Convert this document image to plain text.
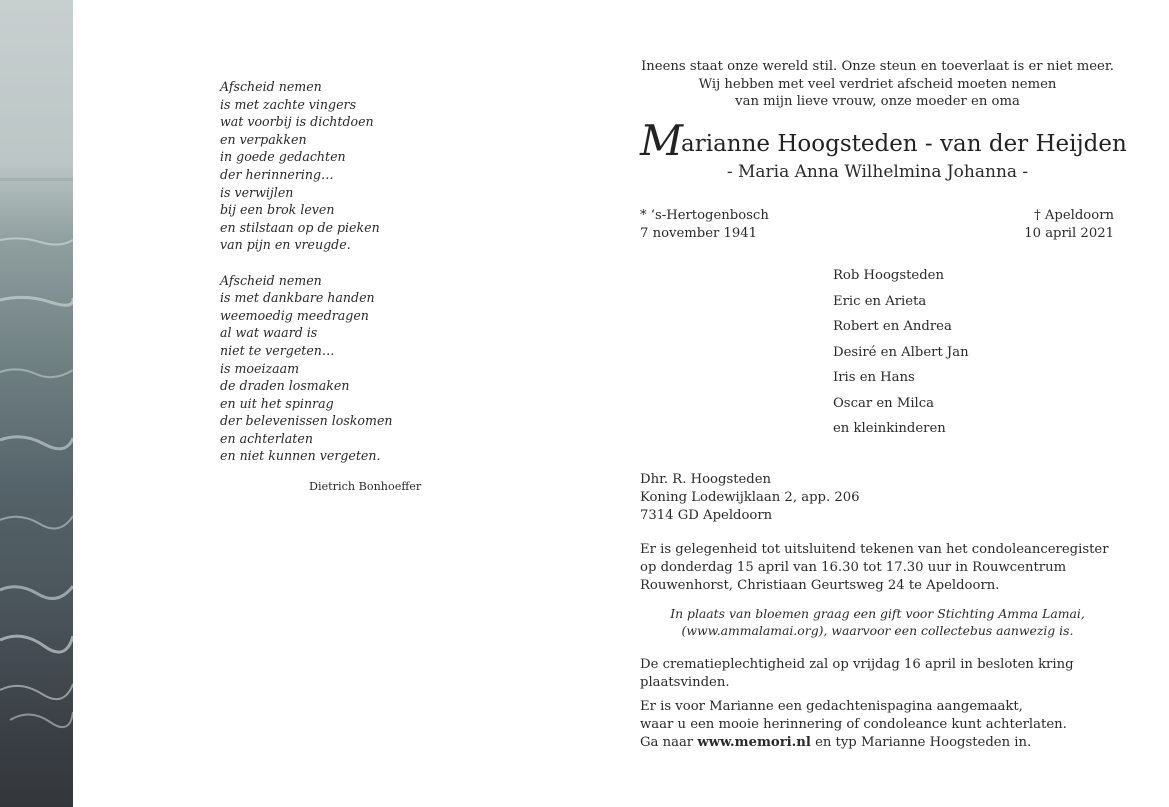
Afscheid nemen
is met zachte vingers
wat voorbij is dichtdoen
en verpakken
in goede gedachten
der herinnering…
is verwijlen
bij een brok leven
en stilstaan op de pieken
van pijn en vreugde.
Afscheid nemen
is met dankbare handen
weemoedig meedragen
al wat waard is
niet te vergeten…
is moeizaam
de draden losmaken
en uit het spinrag
der belevenissen loskomen
en achterlaten
en niet kunnen vergeten.
Dietrich Bonhoeffer
Ineens staat onze wereld stil. Onze steun en toeverlaat is er niet meer.
Wij hebben met veel verdriet afscheid moeten nemen
van mijn lieve vrouw, onze moeder en oma
Marianne Hoogsteden - van der Heijden
- Maria Anna Wilhelmina Johanna -
* ‘s-Hertogenbosch
7 november 1941
† Apeldoorn
10 april 2021
Rob Hoogsteden
Eric en Arieta
Robert en Andrea
Desiré en Albert Jan
Iris en Hans
Oscar en Milca
en kleinkinderen
Dhr. R. Hoogsteden
Koning Lodewijklaan 2, app. 206
7314 GD Apeldoorn
Er is gelegenheid tot uitsluitend tekenen van het condoleanceregister
op donderdag 15 april van 16.30 tot 17.30 uur in Rouwcentrum
Rouwenhorst, Christiaan Geurtsweg 24 te Apeldoorn.
In plaats van bloemen graag een gift voor Stichting Amma Lamai,
(www.ammalamai.org), waarvoor een collectebus aanwezig is.
De crematieplechtigheid zal op vrijdag 16 april in besloten kring
plaatsvinden.
Er is voor Marianne een gedachtenispagina aangemaakt,
waar u een mooie herinnering of condoleance kunt achterlaten.
Ga naar www.memori.nl en typ Marianne Hoogsteden in.
